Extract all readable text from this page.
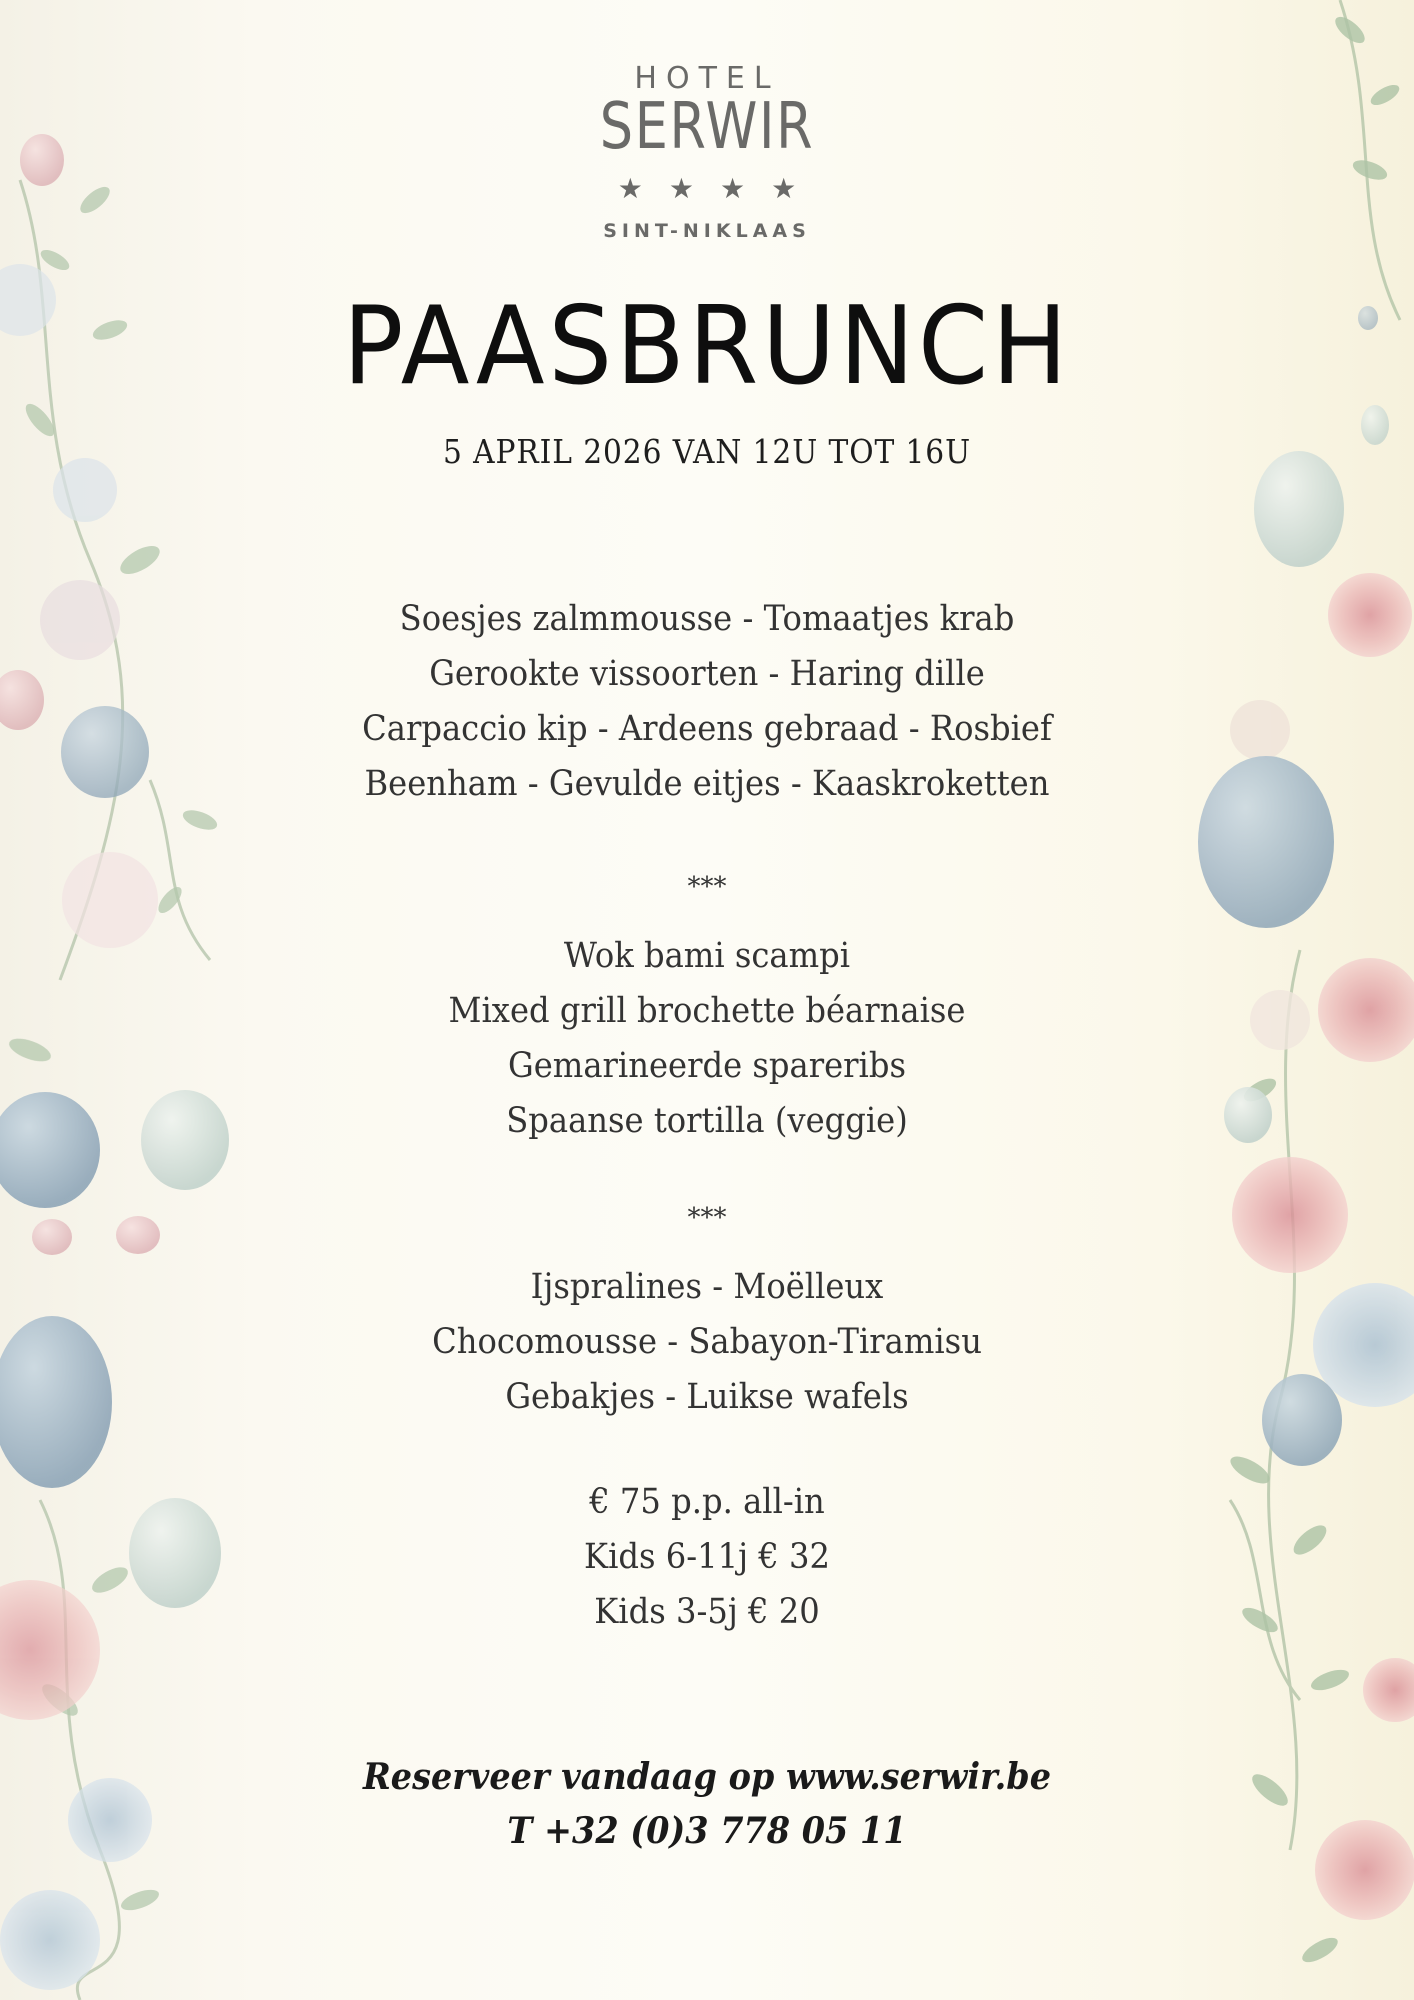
HOTEL
SERWIR
★★★★
SINT-NIKLAAS
PAASBRUNCH
5 APRIL 2026 VAN 12U TOT 16U
Soesjes zalmmousse - Tomaatjes krab
Gerookte vissoorten - Haring dille
Carpaccio kip - Ardeens gebraad - Rosbief
Beenham - Gevulde eitjes - Kaaskroketten
***
Wok bami scampi
Mixed grill brochette béarnaise
Gemarineerde spareribs
Spaanse tortilla (veggie)
***
Ijspralines - Moëlleux
Chocomousse - Sabayon-Tiramisu
Gebakjes - Luikse wafels
€ 75 p.p. all-in
Kids 6-11j € 32
Kids 3-5j € 20
Reserveer vandaag op www.serwir.be
T +32 (0)3 778 05 11
